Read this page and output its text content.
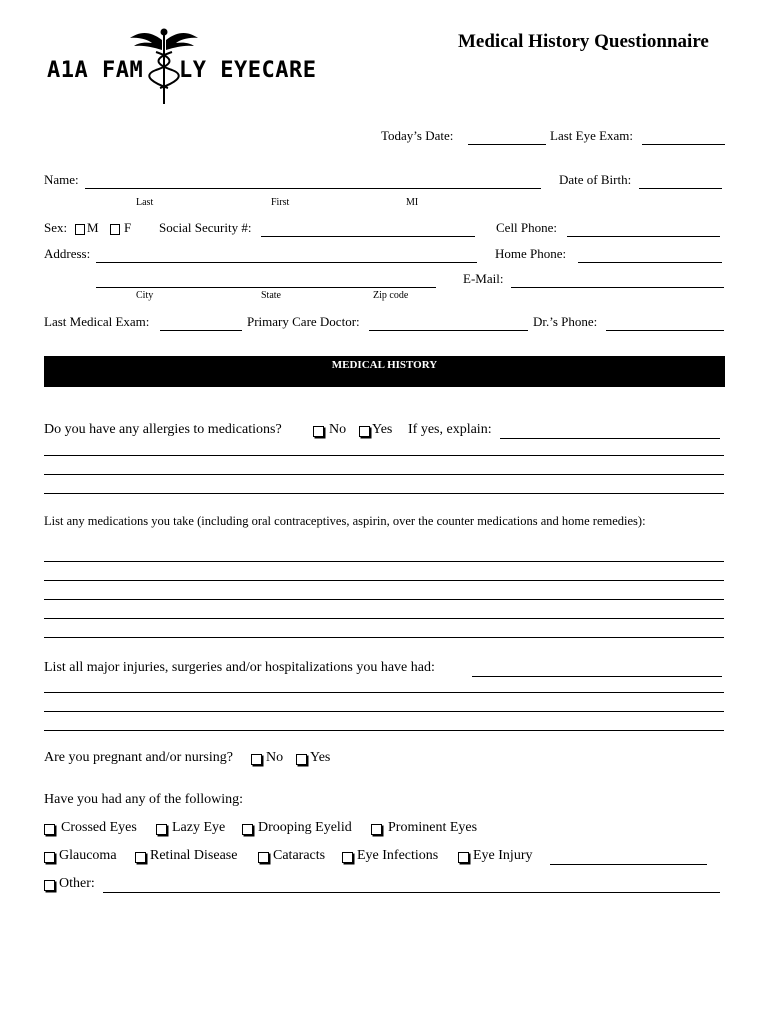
A1A FAM LY EYECARE
Medical History Questionnaire
Today’s Date:	Last Eye Exam:
Name:	Date of Birth:
Last	First	MI
Sex: M F Social Security #:	Cell Phone:
Address:	Home Phone:
E-Mail:
City	State	Zip code
Last Medical Exam:	Primary Care Doctor:	Dr.’s Phone:
MEDICAL HISTORY
Do you have any allergies to medications?	No Yes If yes, explain:
List any medications you take (including oral contraceptives, aspirin, over the counter medications and home remedies):
List all major injuries, surgeries and/or hospitalizations you have had:
Are you pregnant and/or nursing? No Yes
Have you had any of the following:
Crossed Eyes	Lazy Eye Drooping Eyelid	Prominent Eyes
Glaucoma Retinal Disease	Cataracts Eye Infections Eye Injury
Other:
